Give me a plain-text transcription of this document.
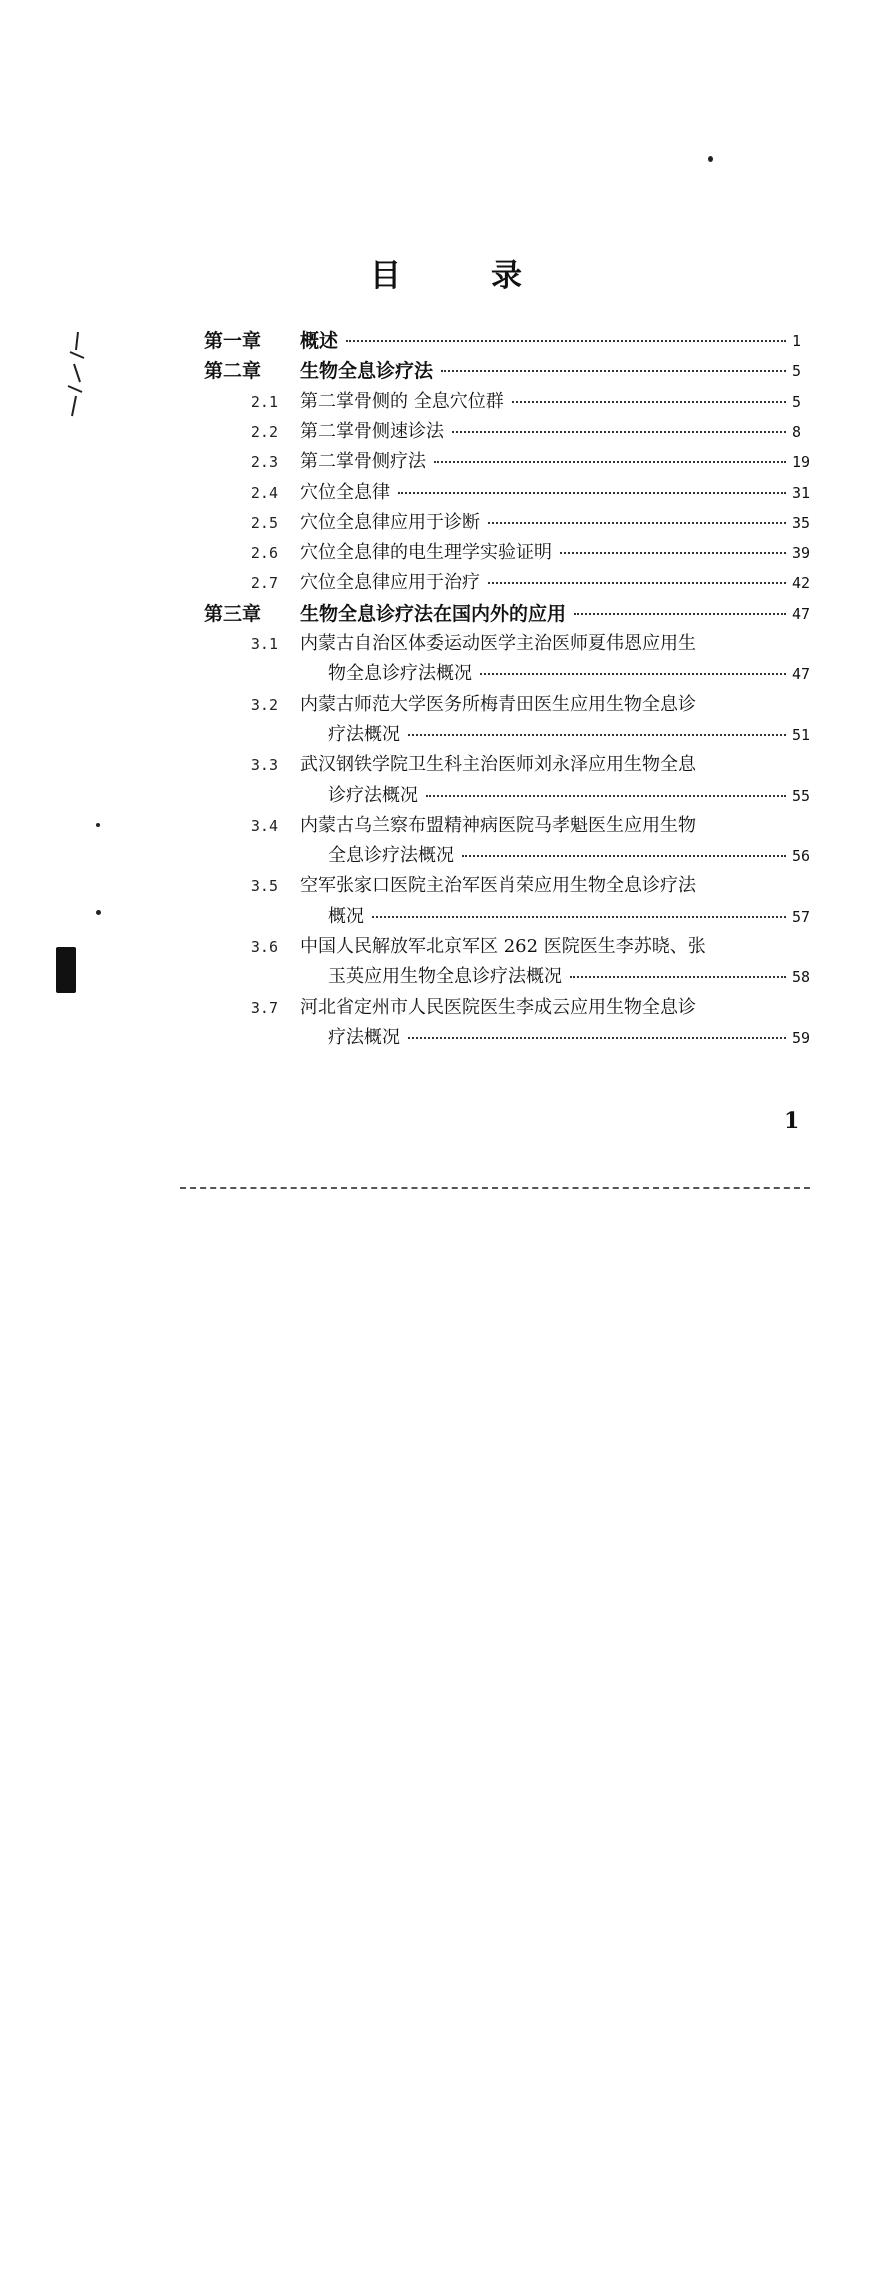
目	录
第一章	概述	1
第二章	生物全息诊疗法	5
2.1 第二掌骨侧的 全息穴位群	5
2.2 第二掌骨侧速诊法	8
2.3 第二掌骨侧疗法	19
2.4 穴位全息律	31
2.5 穴位全息律应用于诊断	35
2.6 穴位全息律的电生理学实验证明	39
2.7 穴位全息律应用于治疗	42
第三章	生物全息诊疗法在国内外的应用	47
3.1 内蒙古自治区体委运动医学主治医师夏伟恩应用生
物全息诊疗法概况	47
3.2 内蒙古师范大学医务所梅青田医生应用生物全息诊
疗法概况	51
3.3 武汉钢铁学院卫生科主治医师刘永泽应用生物全息
诊疗法概况	55
3.4 内蒙古乌兰察布盟精神病医院马孝魁医生应用生物
全息诊疗法概况	56
3.5 空军张家口医院主治军医肖荣应用生物全息诊疗法
概况	57
3.6 中国人民解放军北京军区 262 医院医生李苏晓、张
玉英应用生物全息诊疗法概况	58
3.7 河北省定州市人民医院医生李成云应用生物全息诊
疗法概况	59
1
